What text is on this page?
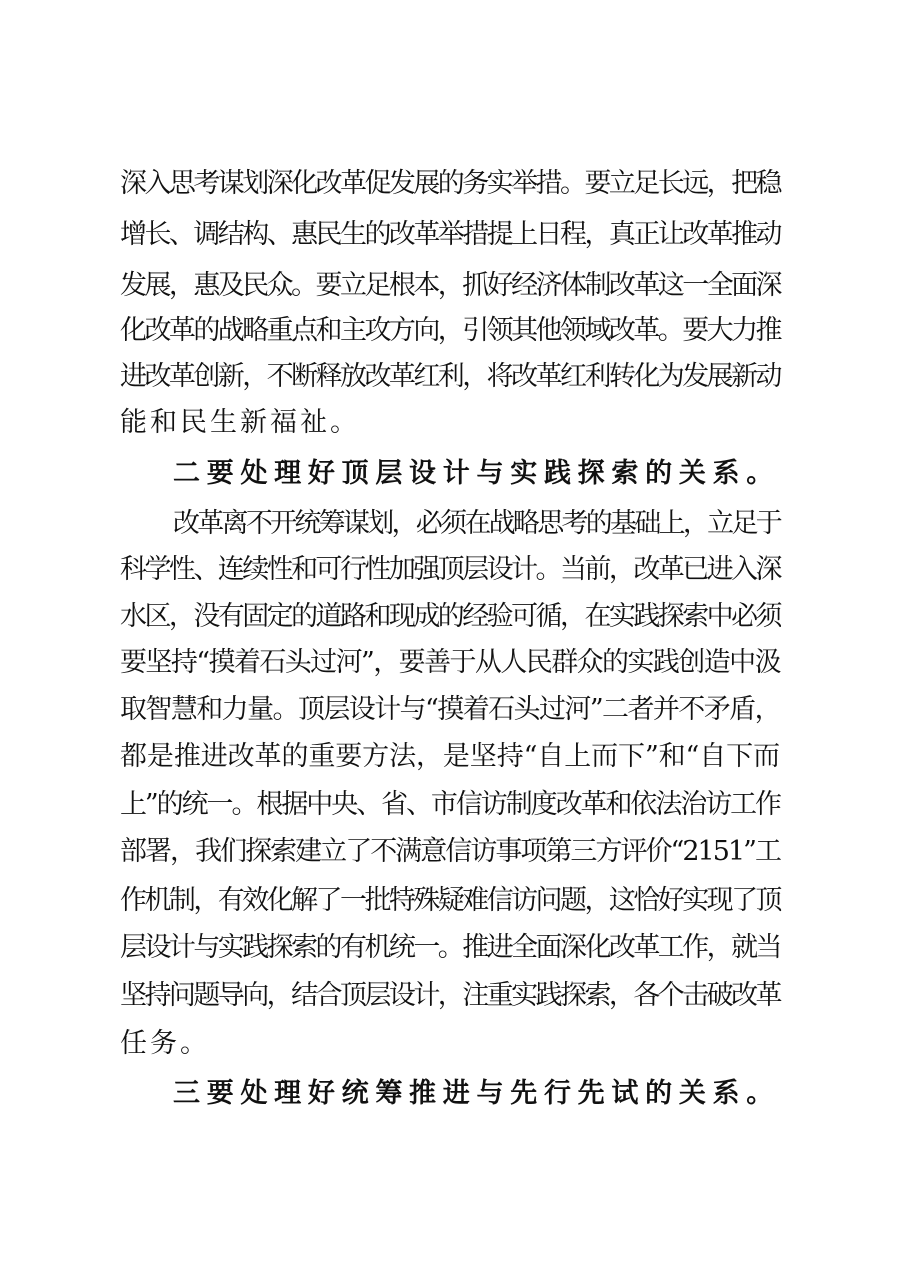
深入思考谋划深化改革促发展的务实举措。要立足长远，把稳

增长、调结构、惠民生的改革举措提上日程，真正让改革推动

发展，惠及民众。要立足根本，抓好经济体制改革这一全面深

化改革的战略重点和主攻方向，引领其他领域改革。要大力推

进改革创新，不断释放改革红利，将改革红利转化为发展新动

能和民生新福祉。

二要处理好顶层设计与实践探索的关系。

改革离不开统筹谋划，必须在战略思考的基础上，立足于

科学性、连续性和可行性加强顶层设计。当前，改革已进入深

水区，没有固定的道路和现成的经验可循，在实践探索中必须

要坚持“摸着石头过河”，要善于从人民群众的实践创造中汲

取智慧和力量。顶层设计与“摸着石头过河”二者并不矛盾，

都是推进改革的重要方法，是坚持“自上而下”和“自下而

上”的统一。根据中央、省、市信访制度改革和依法治访工作

部署，我们探索建立了不满意信访事项第三方评价“2151”工

作机制，有效化解了一批特殊疑难信访问题，这恰好实现了顶

层设计与实践探索的有机统一。推进全面深化改革工作，就当

坚持问题导向，结合顶层设计，注重实践探索，各个击破改革

任务。

三要处理好统筹推进与先行先试的关系。
